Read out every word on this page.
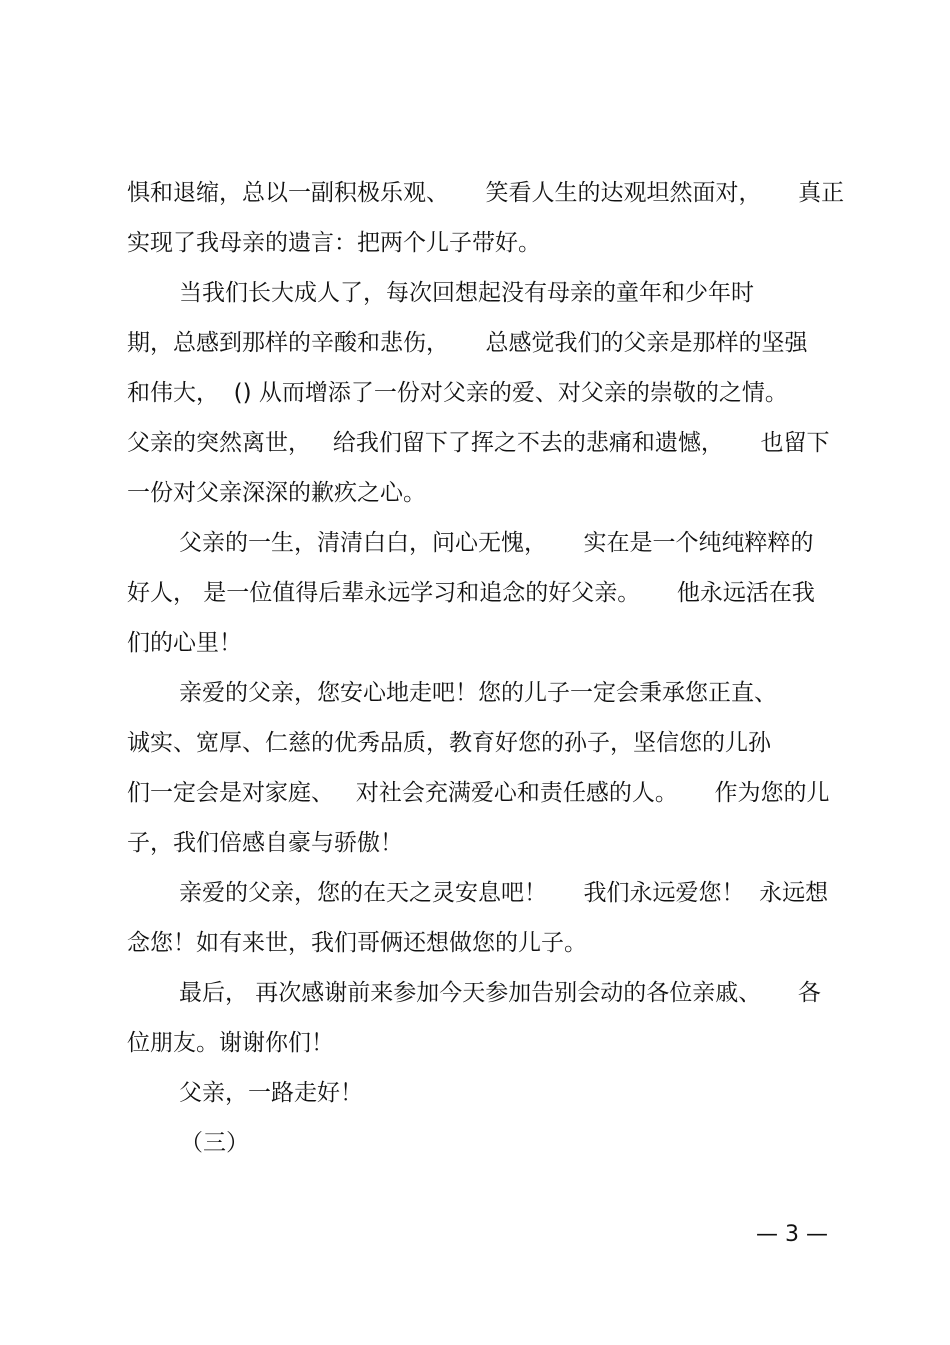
惧和退缩，总以一副积极乐观、     笑看人生的达观坦然面对，     真正

实现了我母亲的遗言：把两个儿子带好。

当我们长大成人了，每次回想起没有母亲的童年和少年时

期，总感到那样的辛酸和悲伤，     总感觉我们的父亲是那样的坚强

和伟大，  () 从而增添了一份对父亲的爱、对父亲的崇敬的之情。

父亲的突然离世，   给我们留下了挥之不去的悲痛和遗憾，     也留下

一份对父亲深深的歉疚之心。

父亲的一生，清清白白，问心无愧，     实在是一个纯纯粹粹的

好人， 是一位值得后辈永远学习和追念的好父亲。     他永远活在我

们的心里！

亲爱的父亲，您安心地走吧！您的儿子一定会秉承您正直、

诚实、宽厚、仁慈的优秀品质，教育好您的孙子，坚信您的儿孙

们一定会是对家庭、   对社会充满爱心和责任感的人。     作为您的儿

子，我们倍感自豪与骄傲！

亲爱的父亲，您的在天之灵安息吧！     我们永远爱您！  永远想

念您！如有来世，我们哥俩还想做您的儿子。

最后， 再次感谢前来参加今天参加告别会动的各位亲戚、     各

位朋友。谢谢你们！

父亲，一路走好！

（三）

— 3 —
